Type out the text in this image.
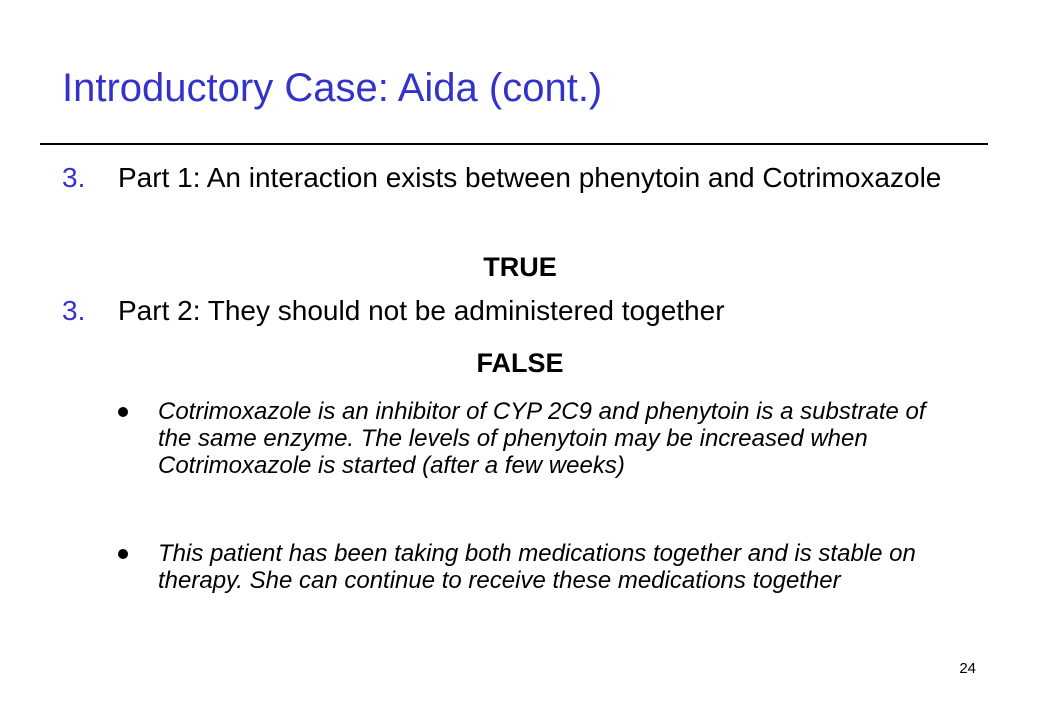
Introductory Case: Aida (cont.)
3. Part 1: An interaction exists between phenytoin and Cotrimoxazole
TRUE
3. Part 2: They should not be administered together
FALSE
Cotrimoxazole is an inhibitor of CYP 2C9 and phenytoin is a substrate of the same enzyme. The levels of phenytoin may be increased when Cotrimoxazole is started (after a few weeks)
This patient has been taking both medications together and is stable on therapy. She can continue to receive these medications together
24
